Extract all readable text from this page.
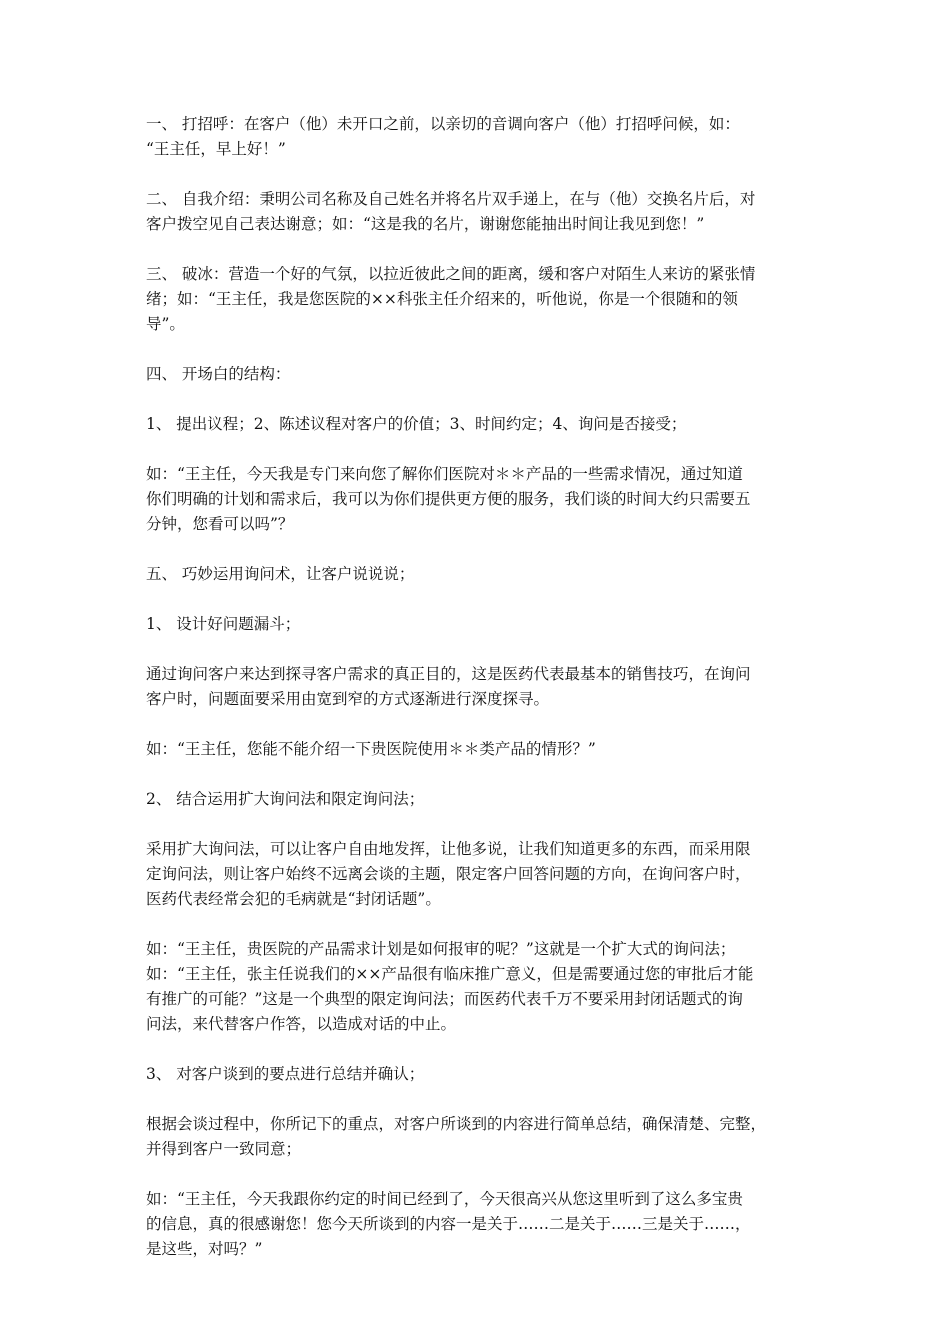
一、 打招呼：在客户（他）未开口之前，以亲切的音调向客户（他）打招呼问候，如：
“王主任，早上好！”
二、 自我介绍：秉明公司名称及自己姓名并将名片双手递上，在与（他）交换名片后，对
客户拨空见自己表达谢意；如：“这是我的名片，谢谢您能抽出时间让我见到您！”
三、 破冰：营造一个好的气氛，以拉近彼此之间的距离，缓和客户对陌生人来访的紧张情
绪；如：“王主任，我是您医院的××科张主任介绍来的，听他说，你是一个很随和的领
导”。
四、 开场白的结构：
1、 提出议程；2、陈述议程对客户的价值；3、时间约定；4、询问是否接受；
如：“王主任，今天我是专门来向您了解你们医院对＊＊产品的一些需求情况，通过知道
你们明确的计划和需求后，我可以为你们提供更方便的服务，我们谈的时间大约只需要五
分钟，您看可以吗”？
五、 巧妙运用询问术，让客户说说说；
1、 设计好问题漏斗；
通过询问客户来达到探寻客户需求的真正目的，这是医药代表最基本的销售技巧，在询问
客户时，问题面要采用由宽到窄的方式逐渐进行深度探寻。
如：“王主任，您能不能介绍一下贵医院使用＊＊类产品的情形？”
2、 结合运用扩大询问法和限定询问法；
采用扩大询问法，可以让客户自由地发挥，让他多说，让我们知道更多的东西，而采用限
定询问法，则让客户始终不远离会谈的主题，限定客户回答问题的方向，在询问客户时，
医药代表经常会犯的毛病就是“封闭话题”。
如：“王主任，贵医院的产品需求计划是如何报审的呢？”这就是一个扩大式的询问法；
如：“王主任，张主任说我们的××产品很有临床推广意义，但是需要通过您的审批后才能
有推广的可能？”这是一个典型的限定询问法；而医药代表千万不要采用封闭话题式的询
问法，来代替客户作答，以造成对话的中止。
3、 对客户谈到的要点进行总结并确认；
根据会谈过程中，你所记下的重点，对客户所谈到的内容进行简单总结，确保清楚、完整，
并得到客户一致同意；
如：“王主任，今天我跟你约定的时间已经到了，今天很高兴从您这里听到了这么多宝贵
的信息，真的很感谢您！您今天所谈到的内容一是关于……二是关于……三是关于……，
是这些，对吗？”
